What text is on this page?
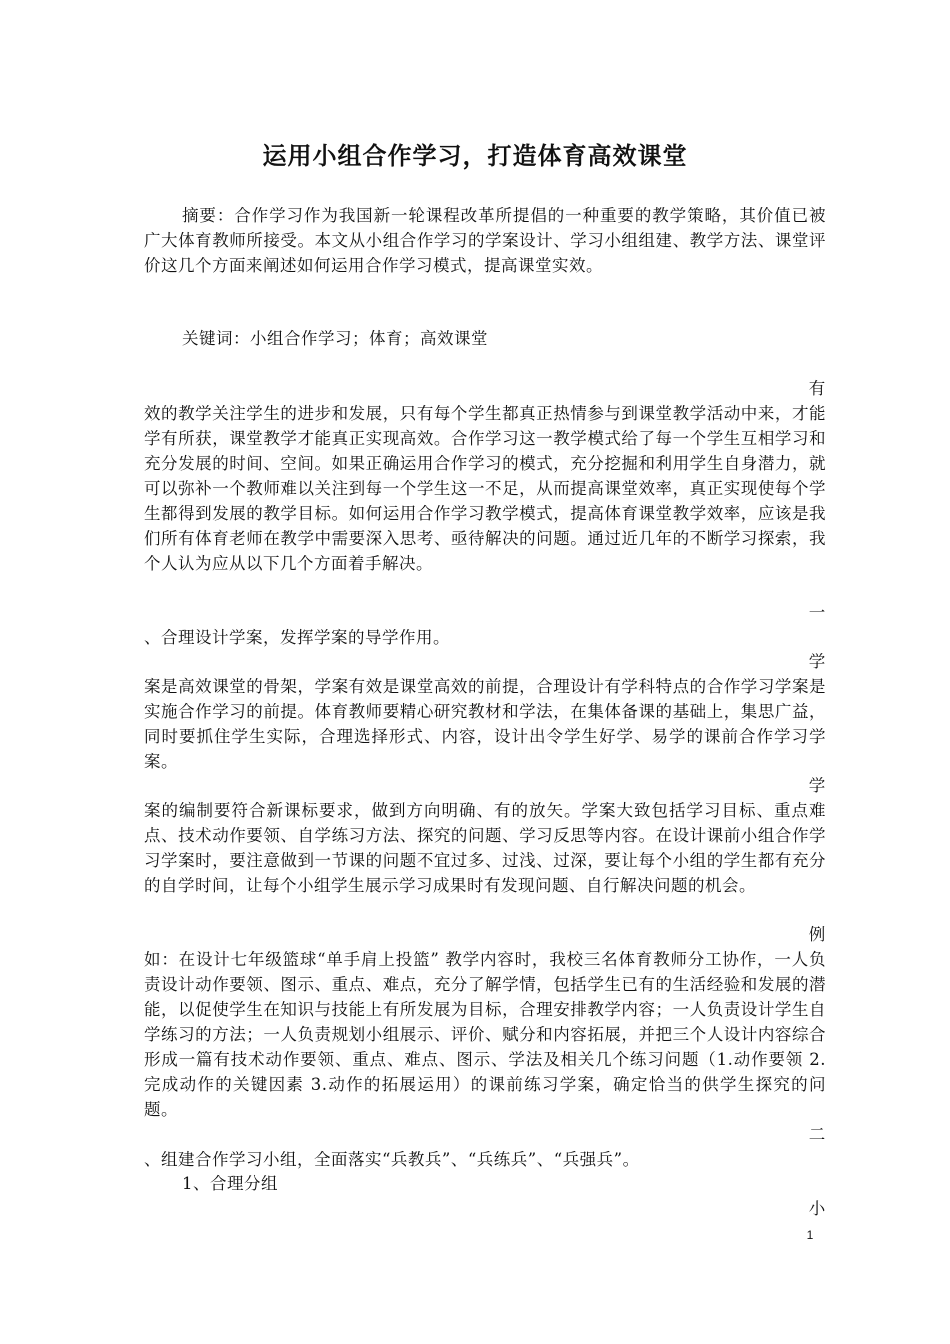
运用小组合作学习，打造体育高效课堂

摘要：合作学习作为我国新一轮课程改革所提倡的一种重要的教学策略，其价值已被广大体育教师所接受。本文从小组合作学习的学案设计、学习小组组建、教学方法、课堂评价这几个方面来阐述如何运用合作学习模式，提高课堂实效。

关键词：小组合作学习；体育；高效课堂

有

效的教学关注学生的进步和发展，只有每个学生都真正热情参与到课堂教学活动中来，才能学有所获，课堂教学才能真正实现高效。合作学习这一教学模式给了每一个学生互相学习和充分发展的时间、空间。如果正确运用合作学习的模式，充分挖掘和利用学生自身潜力，就可以弥补一个教师难以关注到每一个学生这一不足，从而提高课堂效率，真正实现使每个学生都得到发展的教学目标。如何运用合作学习教学模式，提高体育课堂教学效率，应该是我们所有体育老师在教学中需要深入思考、亟待解决的问题。通过近几年的不断学习探索，我个人认为应从以下几个方面着手解决。

一

、合理设计学案，发挥学案的导学作用。

学

案是高效课堂的骨架，学案有效是课堂高效的前提，合理设计有学科特点的合作学习学案是实施合作学习的前提。体育教师要精心研究教材和学法，在集体备课的基础上，集思广益，同时要抓住学生实际，合理选择形式、内容，设计出令学生好学、易学的课前合作学习学案。

学

案的编制要符合新课标要求，做到方向明确、有的放矢。学案大致包括学习目标、重点难点、技术动作要领、自学练习方法、探究的问题、学习反思等内容。在设计课前小组合作学习学案时，要注意做到一节课的问题不宜过多、过浅、过深，要让每个小组的学生都有充分的自学时间，让每个小组学生展示学习成果时有发现问题、自行解决问题的机会。

例

如：在设计七年级篮球“单手肩上投篮” 教学内容时，我校三名体育教师分工协作，一人负责设计动作要领、图示、重点、难点，充分了解学情，包括学生已有的生活经验和发展的潜能，以促使学生在知识与技能上有所发展为目标，合理安排教学内容；一人负责设计学生自学练习的方法；一人负责规划小组展示、评价、赋分和内容拓展，并把三个人设计内容综合形成一篇有技术动作要领、重点、难点、图示、学法及相关几个练习问题（1.动作要领 2.完成动作的关键因素 3.动作的拓展运用）的课前练习学案，确定恰当的供学生探究的问题。

二

、组建合作学习小组，全面落实“兵教兵”、“兵练兵”、“兵强兵”。

1、合理分组

小

1
